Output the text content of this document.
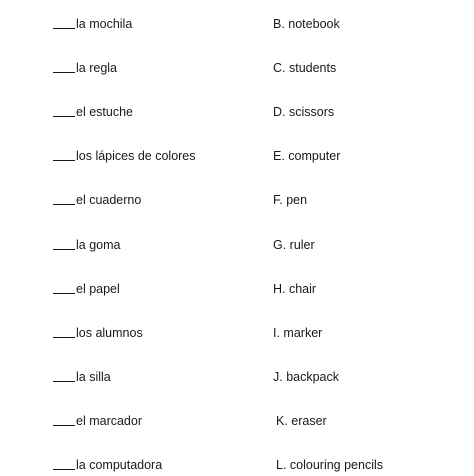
la mochila	B. notebook
la regla	C. students
el estuche	D. scissors
los lápices de colores	E. computer
el cuaderno	F. pen
la goma	G. ruler
el papel	H. chair
los alumnos	I. marker
la silla	J. backpack
el marcador	K. eraser
la computadora	L. colouring pencils
